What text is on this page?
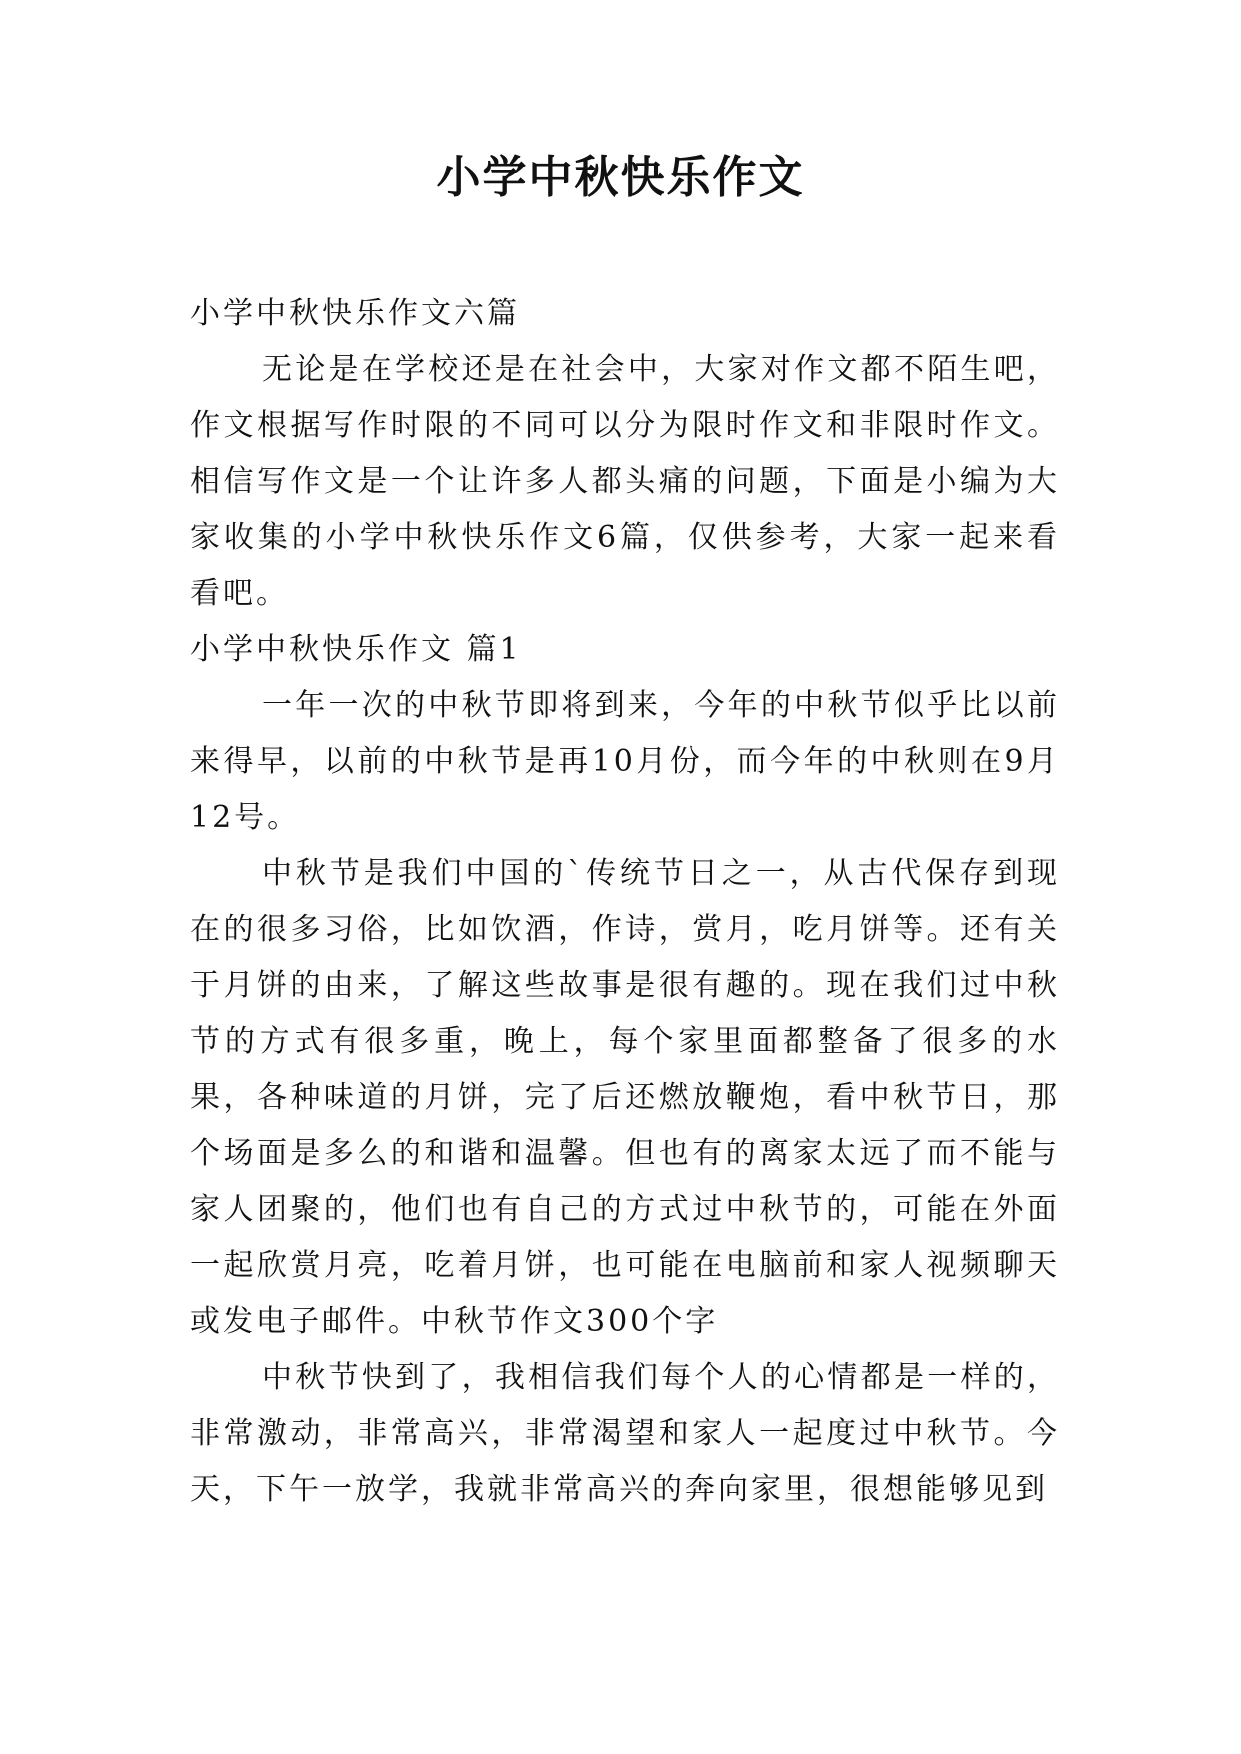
小学中秋快乐作文

小学中秋快乐作文六篇

无论是在学校还是在社会中，大家对作文都不陌生吧，作文根据写作时限的不同可以分为限时作文和非限时作文。相信写作文是一个让许多人都头痛的问题，下面是小编为大家收集的小学中秋快乐作文6篇，仅供参考，大家一起来看看吧。

小学中秋快乐作文 篇1

一年一次的中秋节即将到来，今年的中秋节似乎比以前来得早，以前的中秋节是再10月份，而今年的中秋则在9月12号。

中秋节是我们中国的`传统节日之一，从古代保存到现在的很多习俗，比如饮酒，作诗，赏月，吃月饼等。还有关于月饼的由来，了解这些故事是很有趣的。现在我们过中秋节的方式有很多重，晚上，每个家里面都整备了很多的水果，各种味道的月饼，完了后还燃放鞭炮，看中秋节日，那个场面是多么的和谐和温馨。但也有的离家太远了而不能与家人团聚的，他们也有自己的方式过中秋节的，可能在外面一起欣赏月亮，吃着月饼，也可能在电脑前和家人视频聊天或发电子邮件。中秋节作文300个字

中秋节快到了，我相信我们每个人的心情都是一样的，非常激动，非常高兴，非常渴望和家人一起度过中秋节。今天，下午一放学，我就非常高兴的奔向家里，很想能够见到
